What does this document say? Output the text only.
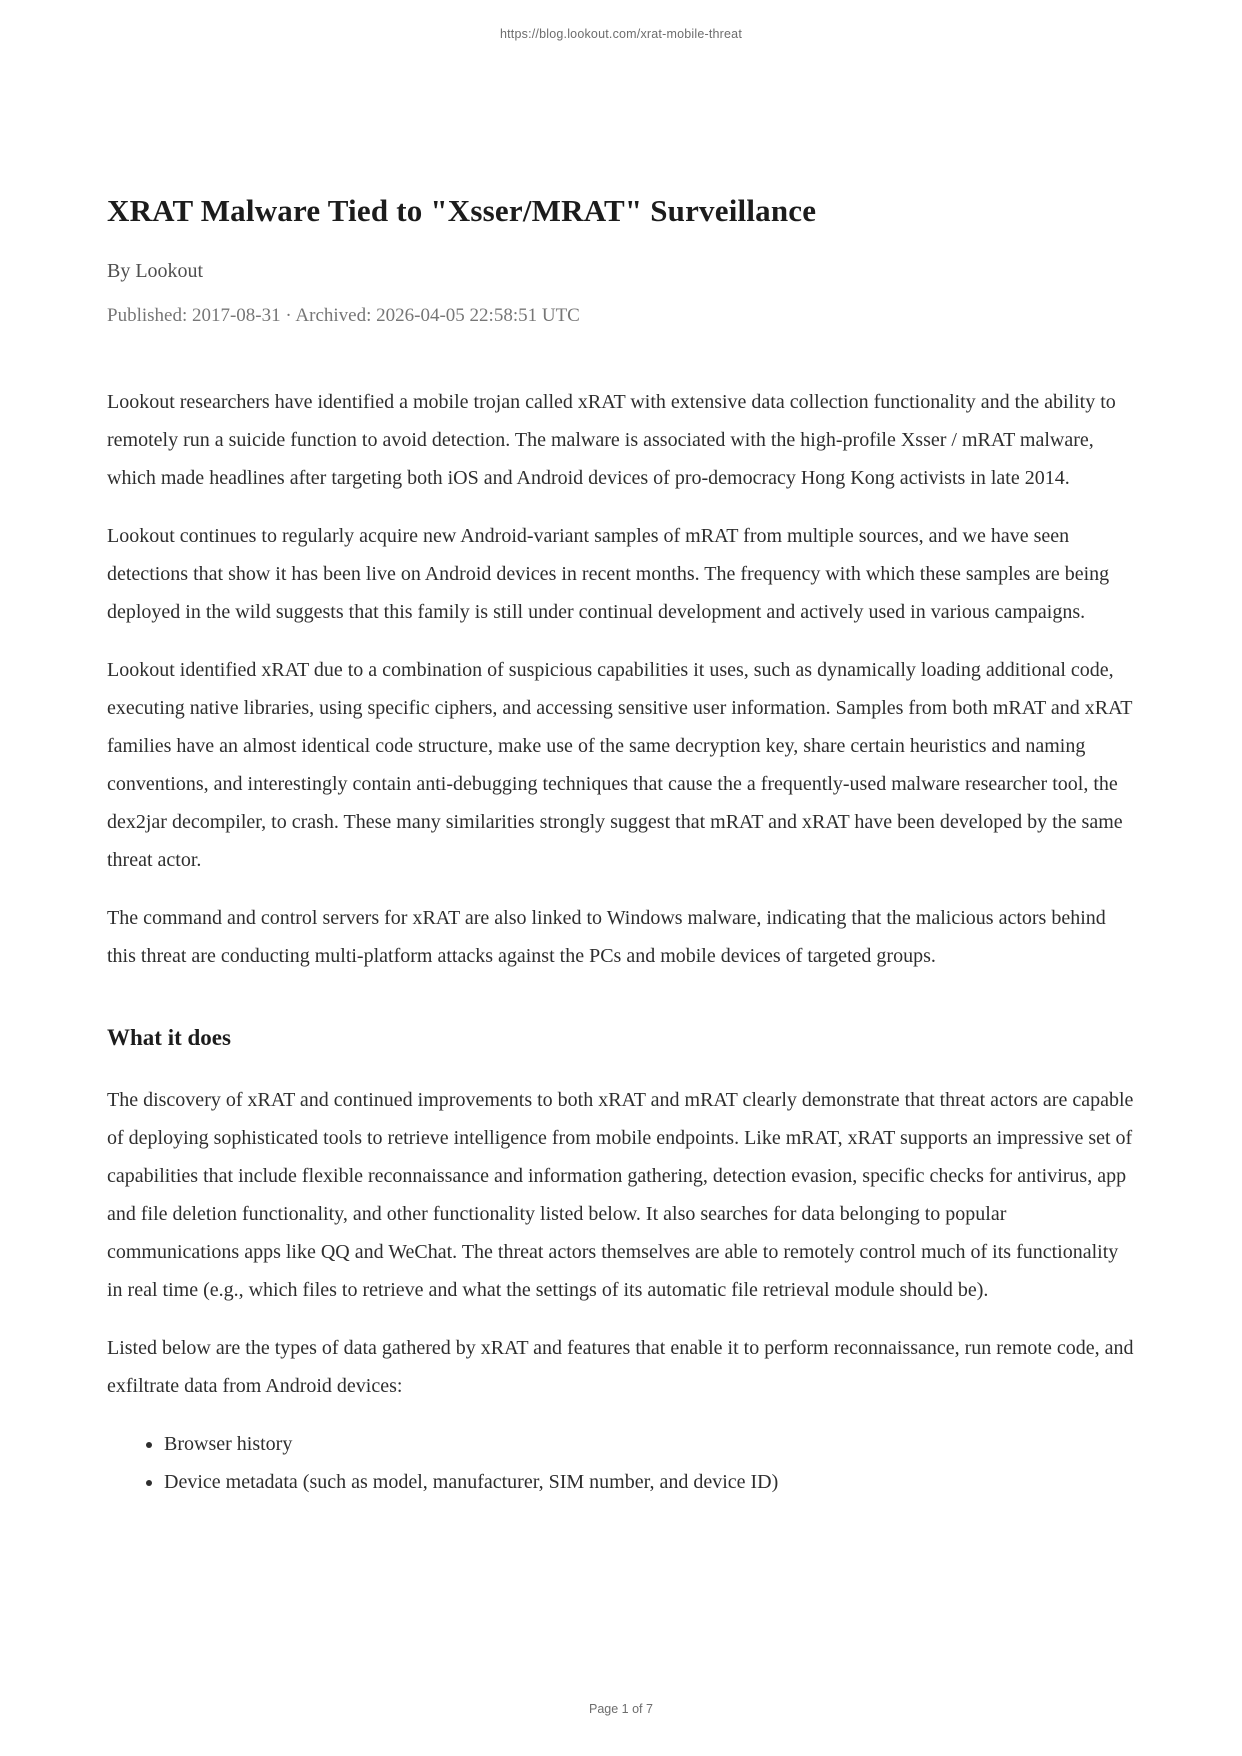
https://blog.lookout.com/xrat-mobile-threat
XRAT Malware Tied to "Xsser/MRAT" Surveillance
By Lookout
Published: 2017-08-31 · Archived: 2026-04-05 22:58:51 UTC

Lookout researchers have identified a mobile trojan called xRAT with extensive data collection functionality and the ability to remotely run a suicide function to avoid detection. The malware is associated with the high-profile Xsser / mRAT malware, which made headlines after targeting both iOS and Android devices of pro-democracy Hong Kong activists in late 2014.

Lookout continues to regularly acquire new Android-variant samples of mRAT from multiple sources, and we have seen detections that show it has been live on Android devices in recent months. The frequency with which these samples are being deployed in the wild suggests that this family is still under continual development and actively used in various campaigns.

Lookout identified xRAT due to a combination of suspicious capabilities it uses, such as dynamically loading additional code, executing native libraries, using specific ciphers, and accessing sensitive user information. Samples from both mRAT and xRAT families have an almost identical code structure, make use of the same decryption key, share certain heuristics and naming conventions, and interestingly contain anti-debugging techniques that cause the a frequently-used malware researcher tool, the dex2jar decompiler, to crash. These many similarities strongly suggest that mRAT and xRAT have been developed by the same threat actor.

The command and control servers for xRAT are also linked to Windows malware, indicating that the malicious actors behind this threat are conducting multi-platform attacks against the PCs and mobile devices of targeted groups.

What it does

The discovery of xRAT and continued improvements to both xRAT and mRAT clearly demonstrate that threat actors are capable of deploying sophisticated tools to retrieve intelligence from mobile endpoints. Like mRAT, xRAT supports an impressive set of capabilities that include flexible reconnaissance and information gathering, detection evasion, specific checks for antivirus, app and file deletion functionality, and other functionality listed below. It also searches for data belonging to popular communications apps like QQ and WeChat. The threat actors themselves are able to remotely control much of its functionality in real time (e.g., which files to retrieve and what the settings of its automatic file retrieval module should be).

Listed below are the types of data gathered by xRAT and features that enable it to perform reconnaissance, run remote code, and exfiltrate data from Android devices:

• Browser history
• Device metadata (such as model, manufacturer, SIM number, and device ID)
Page 1 of 7
